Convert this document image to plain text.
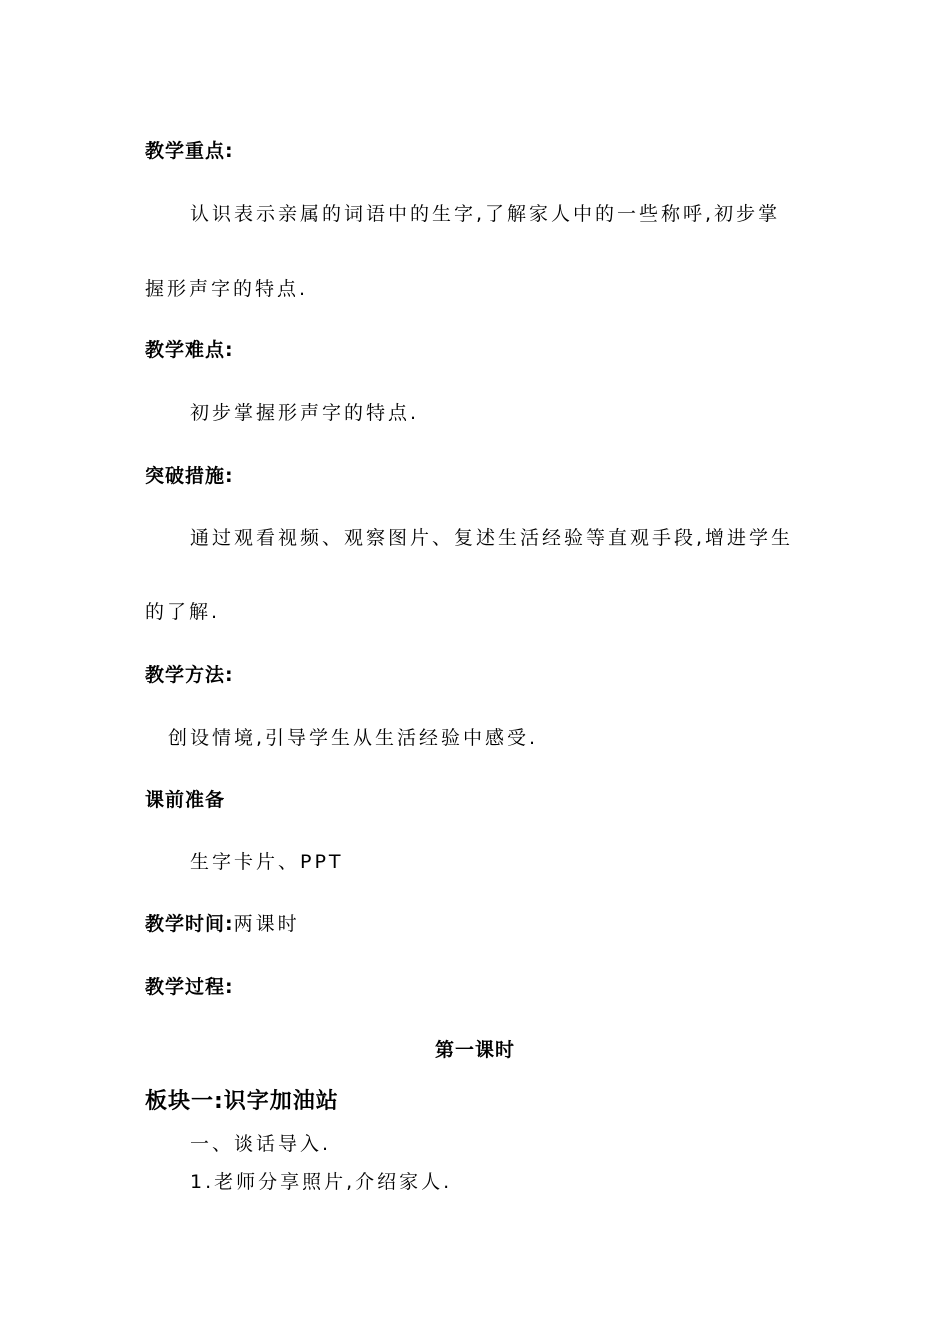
教学重点:
认识表示亲属的词语中的生字,了解家人中的一些称呼,初步掌
握形声字的特点.
教学难点:
初步掌握形声字的特点.
突破措施:
通过观看视频、观察图片、复述生活经验等直观手段,增进学生
的了解.
教学方法:
创设情境,引导学生从生活经验中感受.
课前准备
生字卡片、PPT
教学时间:两课时
教学过程:
第一课时
板块一:识字加油站
一、谈话导入.
1.老师分享照片,介绍家人.
